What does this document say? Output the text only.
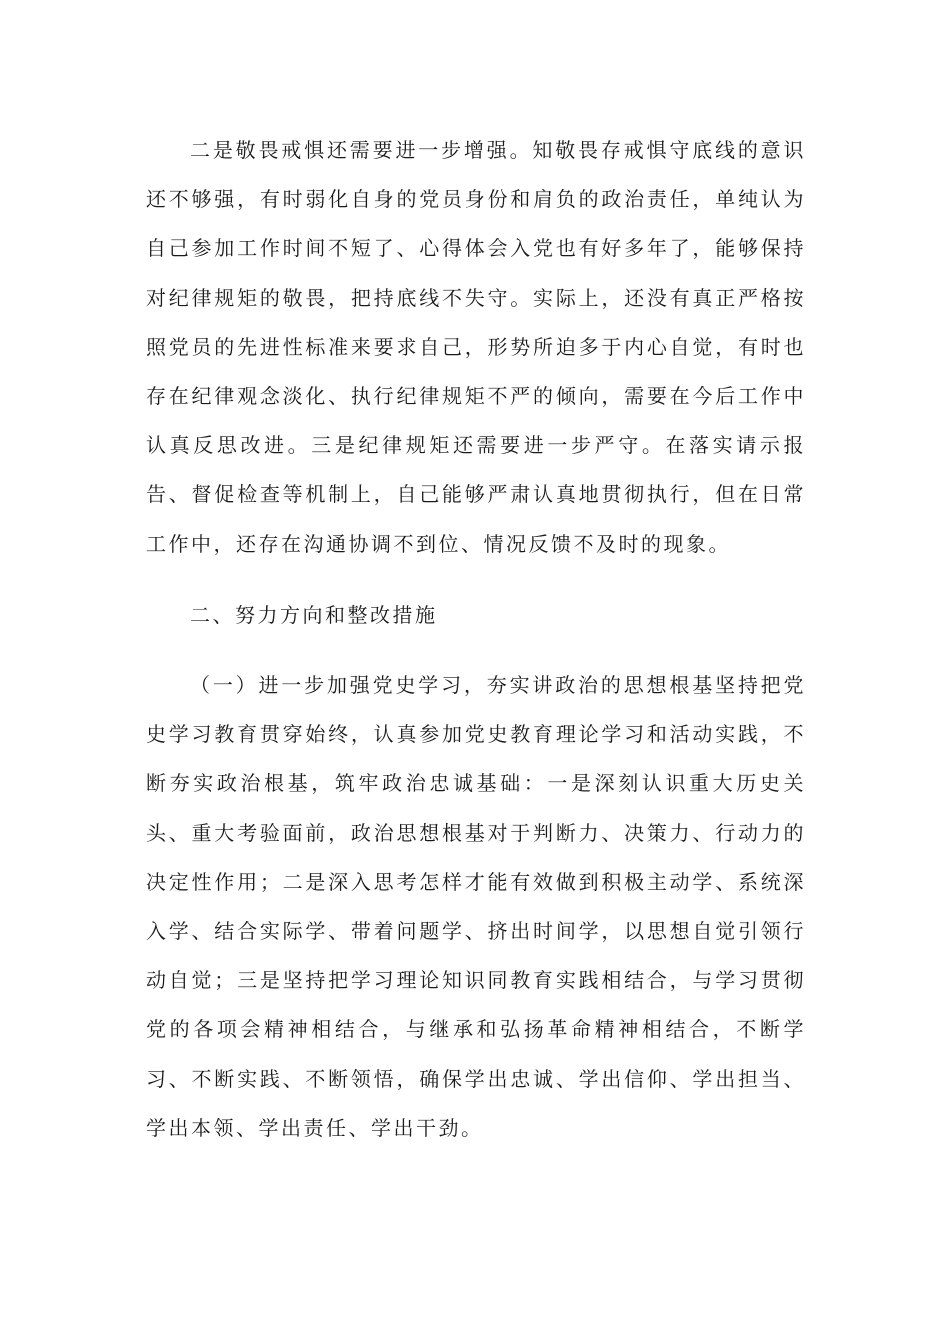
二是敬畏戒惧还需要进一步增强。知敬畏存戒惧守底线的意识还不够强，有时弱化自身的党员身份和肩负的政治责任，单纯认为自己参加工作时间不短了、心得体会入党也有好多年了，能够保持对纪律规矩的敬畏，把持底线不失守。实际上，还没有真正严格按照党员的先进性标准来要求自己，形势所迫多于内心自觉，有时也存在纪律观念淡化、执行纪律规矩不严的倾向，需要在今后工作中认真反思改进。三是纪律规矩还需要进一步严守。在落实请示报告、督促检查等机制上，自己能够严肃认真地贯彻执行，但在日常工作中，还存在沟通协调不到位、情况反馈不及时的现象。

二、努力方向和整改措施

（一）进一步加强党史学习，夯实讲政治的思想根基坚持把党史学习教育贯穿始终，认真参加党史教育理论学习和活动实践，不断夯实政治根基，筑牢政治忠诚基础：一是深刻认识重大历史关头、重大考验面前，政治思想根基对于判断力、决策力、行动力的决定性作用；二是深入思考怎样才能有效做到积极主动学、系统深入学、结合实际学、带着问题学、挤出时间学，以思想自觉引领行动自觉；三是坚持把学习理论知识同教育实践相结合，与学习贯彻党的各项会精神相结合，与继承和弘扬革命精神相结合，不断学习、不断实践、不断领悟，确保学出忠诚、学出信仰、学出担当、学出本领、学出责任、学出干劲。
